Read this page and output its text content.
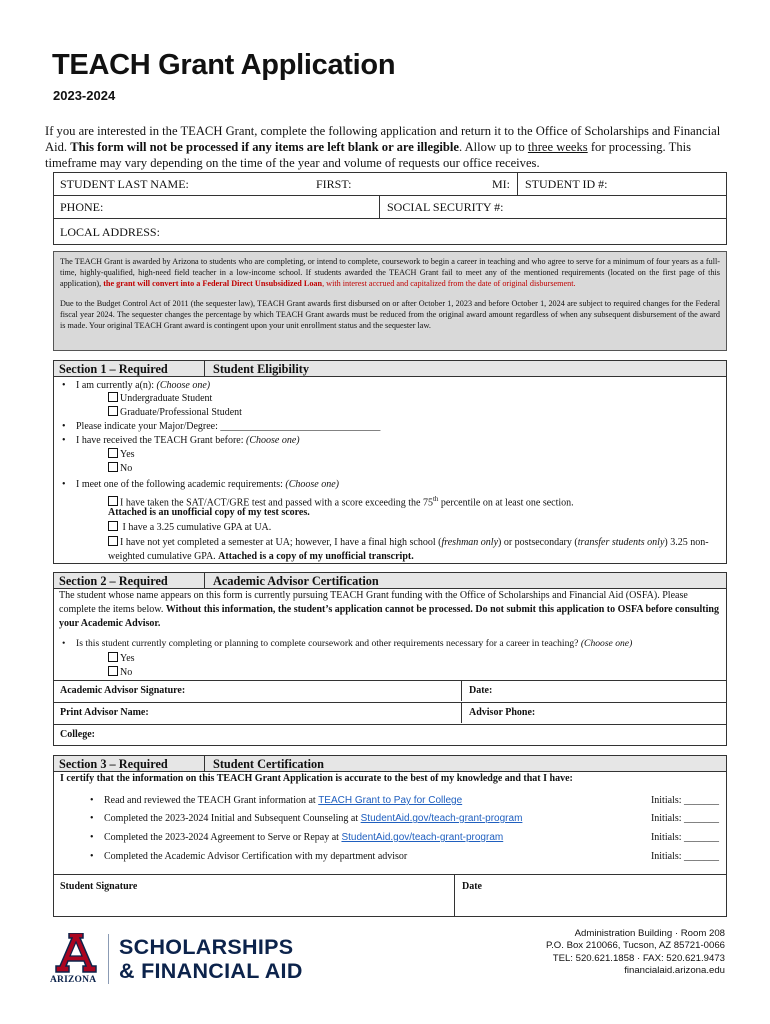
TEACH Grant Application
2023-2024
If you are interested in the TEACH Grant, complete the following application and return it to the Office of Scholarships and Financial Aid. This form will not be processed if any items are left blank or are illegible. Allow up to three weeks for processing. This timeframe may vary depending on the time of the year and volume of requests our office receives.
STUDENT LAST NAME:	FIRST:	MI: STUDENT ID #:
PHONE:	SOCIAL SECURITY #:
LOCAL ADDRESS:

The TEACH Grant is awarded by Arizona to students who are completing, or intend to complete, coursework to begin a career in teaching and who agree to serve for a minimum of four years as a full-time, highly-qualified, high-need field teacher in a low-income school. If students awarded the TEACH Grant fail to meet any of the mentioned requirements (located on the first page of this application), the grant will convert into a Federal Direct Unsubsidized Loan, with interest accrued and capitalized from the date of original disbursement.

Due to the Budget Control Act of 2011 (the sequester law), TEACH Grant awards first disbursed on or after October 1, 2023 and before October 1, 2024 are subject to required changes for the Federal fiscal year 2024. The sequester changes the percentage by which TEACH Grant awards must be reduced from the original award amount regardless of when any subsequent disbursement of the award is made. Your original TEACH Grant award is contingent upon your unit enrollment status and the sequester law.

Section 1 – Required	Student Eligibility
• I am currently a(n): (Choose one)
Undergraduate Student
Graduate/Professional Student
• Please indicate your Major/Degree: ________________________________
• I have received the TEACH Grant before: (Choose one)
Yes
No
• I meet one of the following academic requirements: (Choose one)
I have taken the SAT/ACT/GRE test and passed with a score exceeding the 75th percentile on at least one section.
Attached is an unofficial copy of my test scores.
I have a 3.25 cumulative GPA at UA.
I have not yet completed a semester at UA; however, I have a final high school (freshman only) or postsecondary (transfer students only) 3.25 non-weighted cumulative GPA. Attached is a copy of my unofficial transcript.
Section 2 – Required	Academic Advisor Certification
The student whose name appears on this form is currently pursuing TEACH Grant funding with the Office of Scholarships and Financial Aid (OSFA). Please complete the items below. Without this information, the student’s application cannot be processed. Do not submit this application to OSFA before consulting your Academic Advisor.
• Is this student currently completing or planning to complete coursework and other requirements necessary for a career in teaching? (Choose one)
Yes
No
Academic Advisor Signature:	Date:
Print Advisor Name:	Advisor Phone:
College:
Section 3 – Required	Student Certification
I certify that the information on this TEACH Grant Application is accurate to the best of my knowledge and that I have:
• Read and reviewed the TEACH Grant information at TEACH Grant to Pay for College	Initials: _______
• Completed the 2023-2024 Initial and Subsequent Counseling at StudentAid.gov/teach-grant-program	Initials: _______
• Completed the 2023-2024 Agreement to Serve or Repay at StudentAid.gov/teach-grant-program	Initials: _______
• Completed the Academic Advisor Certification with my department advisor	Initials: _______
Student Signature	Date
ARIZONA
SCHOLARSHIPS
& FINANCIAL AID
Administration Building · Room 208
P.O. Box 210066, Tucson, AZ 85721-0066
TEL: 520.621.1858 · FAX: 520.621.9473
financialaid.arizona.edu
